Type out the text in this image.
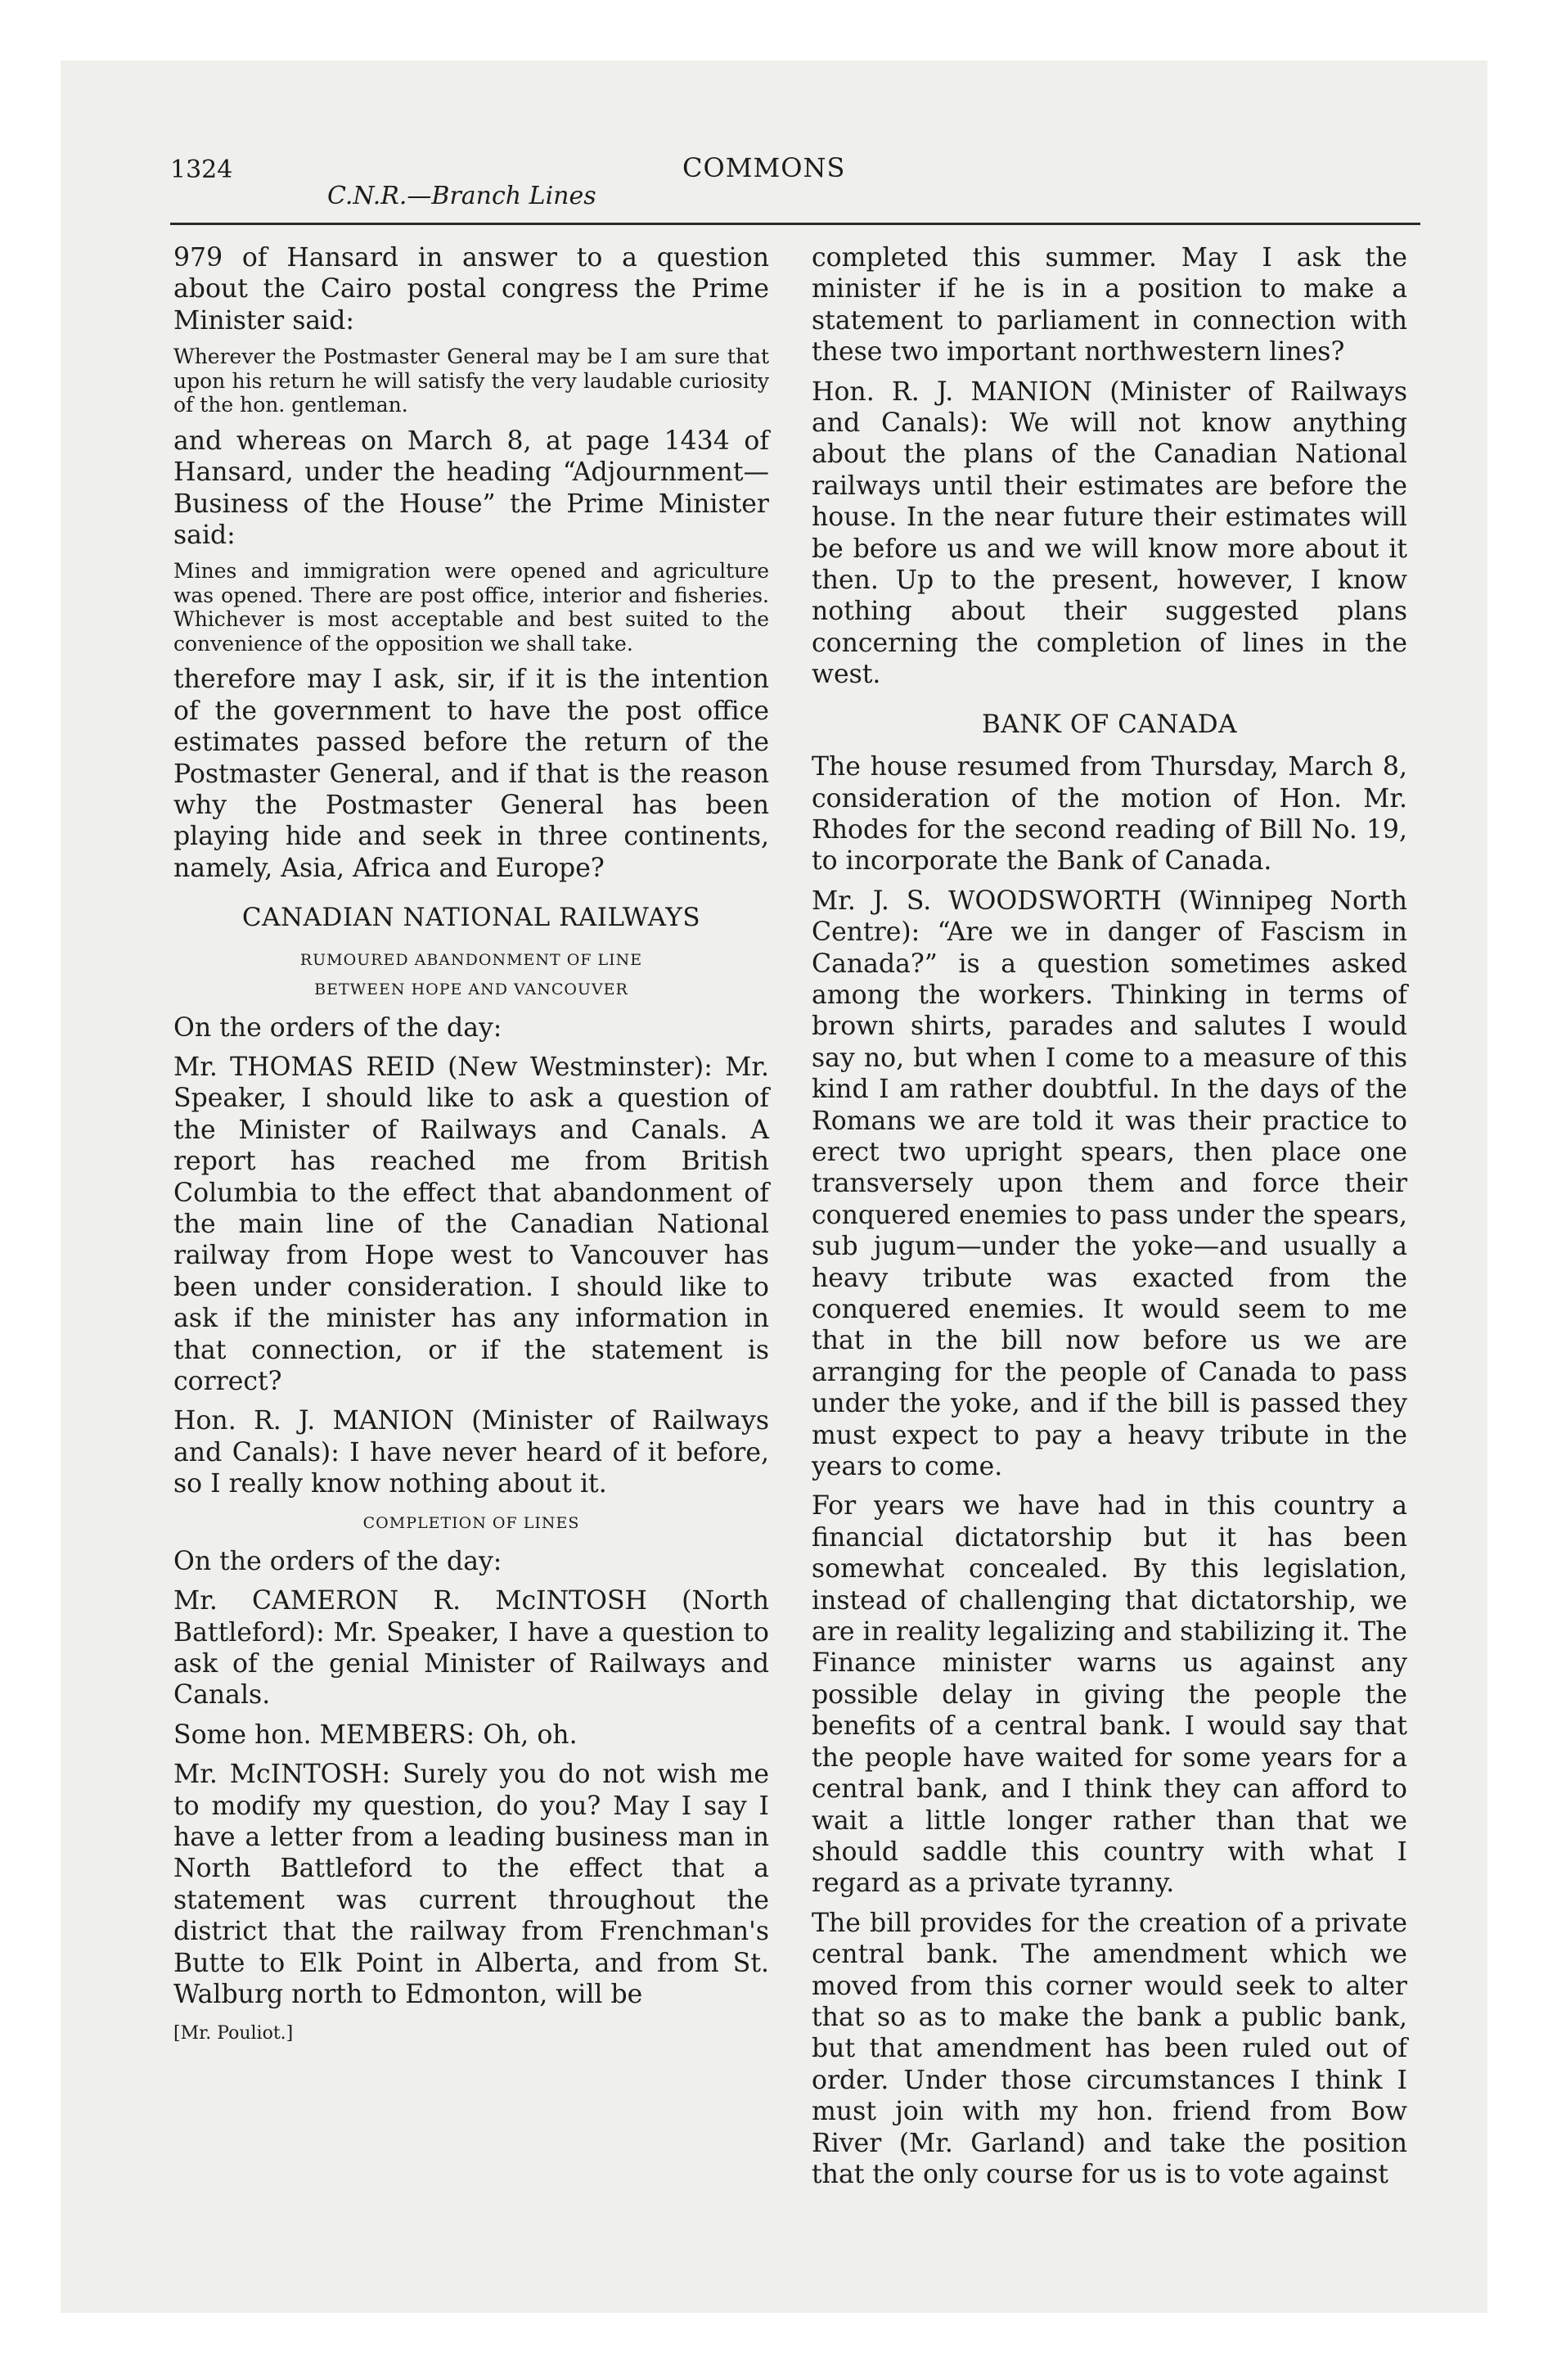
1324
C.N.R.—Branch Lines
COMMONS

979 of Hansard in answer to a question about the Cairo postal congress the Prime Minister said:

Wherever the Postmaster General may be I am sure that upon his return he will satisfy the very laudable curiosity of the hon. gentleman.

and whereas on March 8, at page 1434 of Hansard, under the heading “Adjournment—Business of the House” the Prime Minister said:

Mines and immigration were opened and agriculture was opened. There are post office, interior and fisheries. Whichever is most acceptable and best suited to the convenience of the opposition we shall take.

therefore may I ask, sir, if it is the intention of the government to have the post office estimates passed before the return of the Postmaster General, and if that is the reason why the Postmaster General has been playing hide and seek in three continents, namely, Asia, Africa and Europe?

CANADIAN NATIONAL RAILWAYS
RUMOURED ABANDONMENT OF LINE
BETWEEN HOPE AND VANCOUVER

On the orders of the day:

Mr. THOMAS REID (New Westminster): Mr. Speaker, I should like to ask a question of the Minister of Railways and Canals. A report has reached me from British Columbia to the effect that abandonment of the main line of the Canadian National railway from Hope west to Vancouver has been under consideration. I should like to ask if the minister has any information in that connection, or if the statement is correct?

Hon. R. J. MANION (Minister of Railways and Canals): I have never heard of it before, so I really know nothing about it.

COMPLETION OF LINES

On the orders of the day:

Mr. CAMERON R. McINTOSH (North Battleford): Mr. Speaker, I have a question to ask of the genial Minister of Railways and Canals.

Some hon. MEMBERS: Oh, oh.

Mr. McINTOSH: Surely you do not wish me to modify my question, do you? May I say I have a letter from a leading business man in North Battleford to the effect that a statement was current throughout the district that the railway from Frenchman's Butte to Elk Point in Alberta, and from St. Walburg north to Edmonton, will be

[Mr. Pouliot.]

completed this summer. May I ask the minister if he is in a position to make a statement to parliament in connection with these two important northwestern lines?

Hon. R. J. MANION (Minister of Railways and Canals): We will not know anything about the plans of the Canadian National railways until their estimates are before the house. In the near future their estimates will be before us and we will know more about it then. Up to the present, however, I know nothing about their suggested plans concerning the completion of lines in the west.

BANK OF CANADA

The house resumed from Thursday, March 8, consideration of the motion of Hon. Mr. Rhodes for the second reading of Bill No. 19, to incorporate the Bank of Canada.

Mr. J. S. WOODSWORTH (Winnipeg North Centre): “Are we in danger of Fascism in Canada?” is a question sometimes asked among the workers. Thinking in terms of brown shirts, parades and salutes I would say no, but when I come to a measure of this kind I am rather doubtful. In the days of the Romans we are told it was their practice to erect two upright spears, then place one transversely upon them and force their conquered enemies to pass under the spears, sub jugum—under the yoke—and usually a heavy tribute was exacted from the conquered enemies. It would seem to me that in the bill now before us we are arranging for the people of Canada to pass under the yoke, and if the bill is passed they must expect to pay a heavy tribute in the years to come.

For years we have had in this country a financial dictatorship but it has been somewhat concealed. By this legislation, instead of challenging that dictatorship, we are in reality legalizing and stabilizing it. The Finance minister warns us against any possible delay in giving the people the benefits of a central bank. I would say that the people have waited for some years for a central bank, and I think they can afford to wait a little longer rather than that we should saddle this country with what I regard as a private tyranny.

The bill provides for the creation of a private central bank. The amendment which we moved from this corner would seek to alter that so as to make the bank a public bank, but that amendment has been ruled out of order. Under those circumstances I think I must join with my hon. friend from Bow River (Mr. Garland) and take the position that the only course for us is to vote against
